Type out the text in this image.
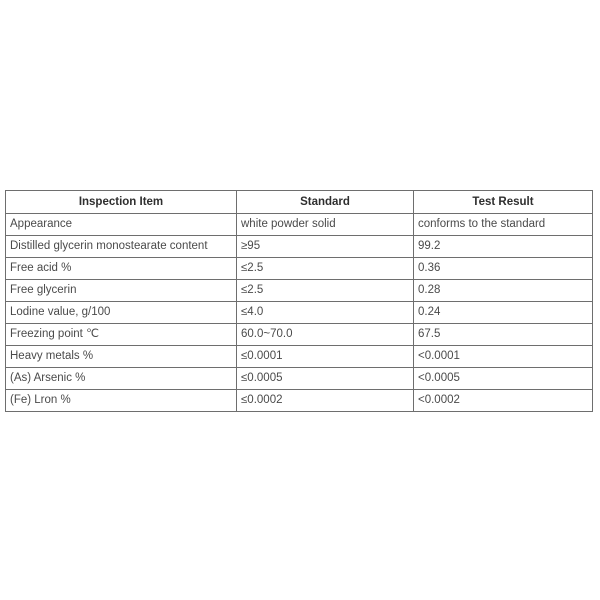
Inspection Item	Standard	Test Result
Appearance	white powder solid	conforms to the standard
Distilled glycerin monostearate content	≥95	99.2
Free acid %	≤2.5	0.36
Free glycerin	≤2.5	0.28
Lodine value, g/100	≤4.0	0.24
Freezing point ℃	60.0~70.0	67.5
Heavy metals %	≤0.0001	<0.0001
(As) Arsenic %	≤0.0005	<0.0005
(Fe) Lron %	≤0.0002	<0.0002
